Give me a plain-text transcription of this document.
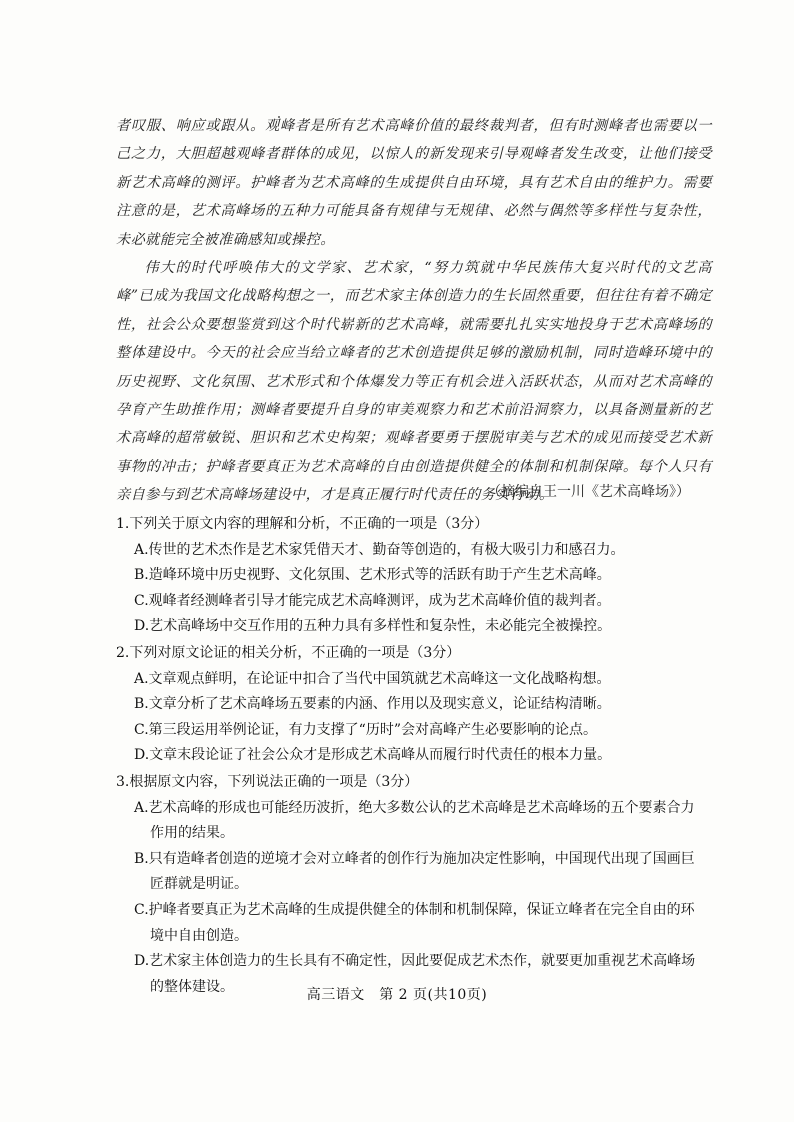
者叹服、响应或跟从。观峰者是所有艺术高峰价值的最终裁判者，但有时测峰者也需要以一己之力，大胆超越观峰者群体的成见，以惊人的新发现来引导观峰者发生改变，让他们接受新艺术高峰的测评。护峰者为艺术高峰的生成提供自由环境，具有艺术自由的维护力。需要注意的是，艺术高峰场的五种力可能具备有规律与无规律、必然与偶然等多样性与复杂性，未必就能完全被准确感知或操控。

伟大的时代呼唤伟大的文学家、艺术家，“努力筑就中华民族伟大复兴时代的文艺高峰”已成为我国文化战略构想之一，而艺术家主体创造力的生长固然重要，但往往有着不确定性，社会公众要想鉴赏到这个时代崭新的艺术高峰，就需要扎扎实实地投身于艺术高峰场的整体建设中。今天的社会应当给立峰者的艺术创造提供足够的激励机制，同时造峰环境中的历史视野、文化氛围、艺术形式和个体爆发力等正有机会进入活跃状态，从而对艺术高峰的孕育产生助推作用；测峰者要提升自身的审美观察力和艺术前沿洞察力，以具备测量新的艺术高峰的超常敏锐、胆识和艺术史构架；观峰者要勇于摆脱审美与艺术的成见而接受艺术新事物的冲击；护峰者要真正为艺术高峰的自由创造提供健全的体制和机制保障。每个人只有亲自参与到艺术高峰场建设中，才是真正履行时代责任的务实行动。

（摘编自王一川《艺术高峰场》）

1.下列关于原文内容的理解和分析，不正确的一项是（3分）

A.传世的艺术杰作是艺术家凭借天才、勤奋等创造的，有极大吸引力和感召力。

B.造峰环境中历史视野、文化氛围、艺术形式等的活跃有助于产生艺术高峰。

C.观峰者经测峰者引导才能完成艺术高峰测评，成为艺术高峰价值的裁判者。

D.艺术高峰场中交互作用的五种力具有多样性和复杂性，未必能完全被操控。

2.下列对原文论证的相关分析，不正确的一项是（3分）

A.文章观点鲜明，在论证中扣合了当代中国筑就艺术高峰这一文化战略构想。

B.文章分析了艺术高峰场五要素的内涵、作用以及现实意义，论证结构清晰。

C.第三段运用举例论证，有力支撑了“历时”会对高峰产生必要影响的论点。

D.文章末段论证了社会公众才是形成艺术高峰从而履行时代责任的根本力量。

3.根据原文内容，下列说法正确的一项是（3分）

A.艺术高峰的形成也可能经历波折，绝大多数公认的艺术高峰是艺术高峰场的五个要素合力作用的结果。

B.只有造峰者创造的逆境才会对立峰者的创作行为施加决定性影响，中国现代出现了国画巨匠群就是明证。

C.护峰者要真正为艺术高峰的生成提供健全的体制和机制保障，保证立峰者在完全自由的环境中自由创造。

D.艺术家主体创造力的生长具有不确定性，因此要促成艺术杰作，就要更加重视艺术高峰场的整体建设。

高三语文　第 2 页(共10页)
